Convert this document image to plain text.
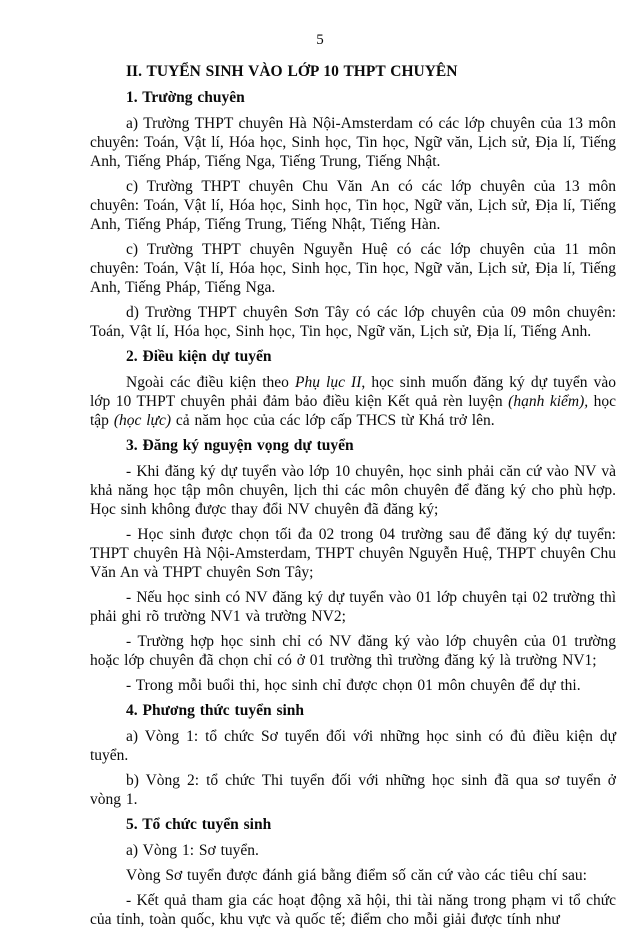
5

II. TUYỂN SINH VÀO LỚP 10 THPT CHUYÊN

1. Trường chuyên

a) Trường THPT chuyên Hà Nội-Amsterdam có các lớp chuyên của 13 môn chuyên: Toán, Vật lí, Hóa học, Sinh học, Tin học, Ngữ văn, Lịch sử, Địa lí, Tiếng Anh, Tiếng Pháp, Tiếng Nga, Tiếng Trung, Tiếng Nhật.

c) Trường THPT chuyên Chu Văn An có các lớp chuyên của 13 môn chuyên: Toán, Vật lí, Hóa học, Sinh học, Tin học, Ngữ văn, Lịch sử, Địa lí, Tiếng Anh, Tiếng Pháp, Tiếng Trung, Tiếng Nhật, Tiếng Hàn.

c) Trường THPT chuyên Nguyễn Huệ có các lớp chuyên của 11 môn chuyên: Toán, Vật lí, Hóa học, Sinh học, Tin học, Ngữ văn, Lịch sử, Địa lí, Tiếng Anh, Tiếng Pháp, Tiếng Nga.

d) Trường THPT chuyên Sơn Tây có các lớp chuyên của 09 môn chuyên: Toán, Vật lí, Hóa học, Sinh học, Tin học, Ngữ văn, Lịch sử, Địa lí, Tiếng Anh.

2. Điều kiện dự tuyển

Ngoài các điều kiện theo Phụ lục II, học sinh muốn đăng ký dự tuyển vào lớp 10 THPT chuyên phải đảm bảo điều kiện Kết quả rèn luyện (hạnh kiểm), học tập (học lực) cả năm học của các lớp cấp THCS từ Khá trở lên.

3. Đăng ký nguyện vọng dự tuyển

- Khi đăng ký dự tuyển vào lớp 10 chuyên, học sinh phải căn cứ vào NV và khả năng học tập môn chuyên, lịch thi các môn chuyên để đăng ký cho phù hợp. Học sinh không được thay đổi NV chuyên đã đăng ký;

- Học sinh được chọn tối đa 02 trong 04 trường sau để đăng ký dự tuyển: THPT chuyên Hà Nội-Amsterdam, THPT chuyên Nguyễn Huệ, THPT chuyên Chu Văn An và THPT chuyên Sơn Tây;

- Nếu học sinh có NV đăng ký dự tuyển vào 01 lớp chuyên tại 02 trường thì phải ghi rõ trường NV1 và trường NV2;

- Trường hợp học sinh chỉ có NV đăng ký vào lớp chuyên của 01 trường hoặc lớp chuyên đã chọn chỉ có ở 01 trường thì trường đăng ký là trường NV1;

- Trong mỗi buổi thi, học sinh chỉ được chọn 01 môn chuyên để dự thi.

4. Phương thức tuyển sinh

a) Vòng 1: tổ chức Sơ tuyển đối với những học sinh có đủ điều kiện dự tuyển.

b) Vòng 2: tổ chức Thi tuyển đối với những học sinh đã qua sơ tuyển ở vòng 1.

5. Tổ chức tuyển sinh

a) Vòng 1: Sơ tuyển.

Vòng Sơ tuyển được đánh giá bằng điểm số căn cứ vào các tiêu chí sau:

- Kết quả tham gia các hoạt động xã hội, thi tài năng trong phạm vi tổ chức của tỉnh, toàn quốc, khu vực và quốc tế; điểm cho mỗi giải được tính như
